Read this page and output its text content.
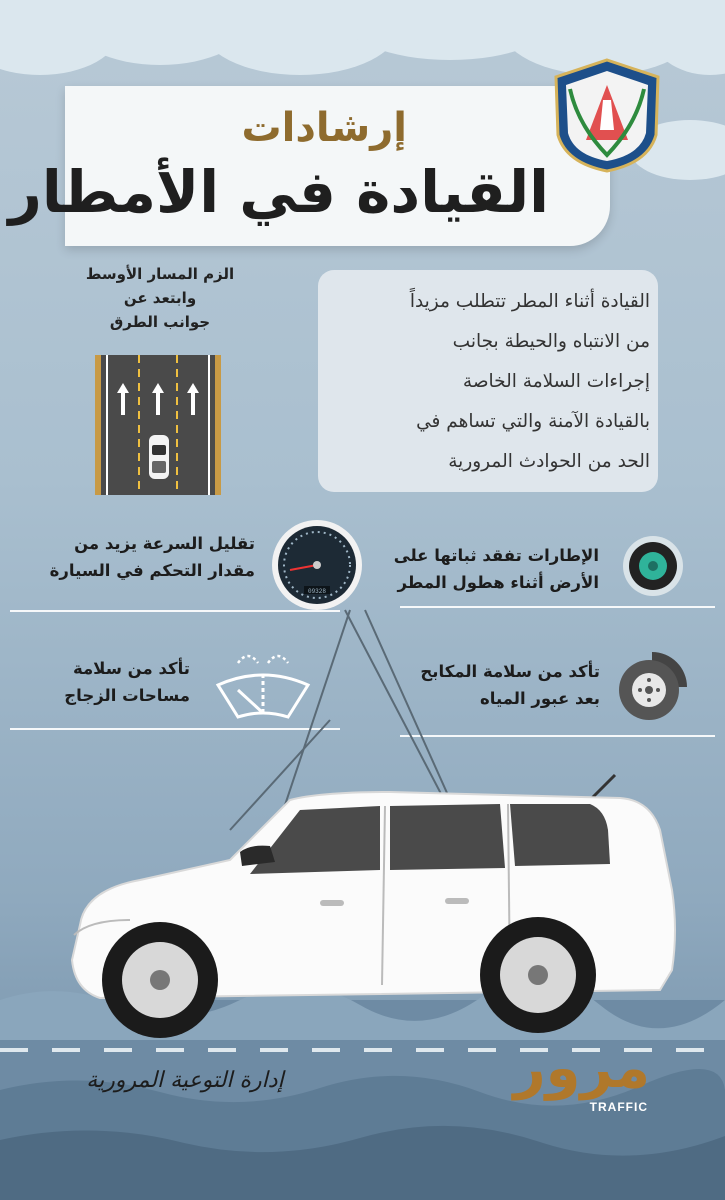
إرشادات
القيادة في الأمطار
القيادة أثناء المطر تتطلب مزيداً
من الانتباه والحيطة بجانب
إجراءات السلامة الخاصة
بالقيادة الآمنة والتي تساهم في
الحد من الحوادث المرورية
الزم المسار الأوسط
وابتعد عن
جوانب الطرق
الإطارات تفقد ثباتها على
الأرض أثناء هطول المطر
09328
تقليل السرعة يزيد من
مقدار التحكم في السيارة
تأكد من سلامة المكابح
بعد عبور المياه
تأكد من سلامة
مساحات الزجاج
إدارة التوعية المرورية	مرور
TRAFFIC
